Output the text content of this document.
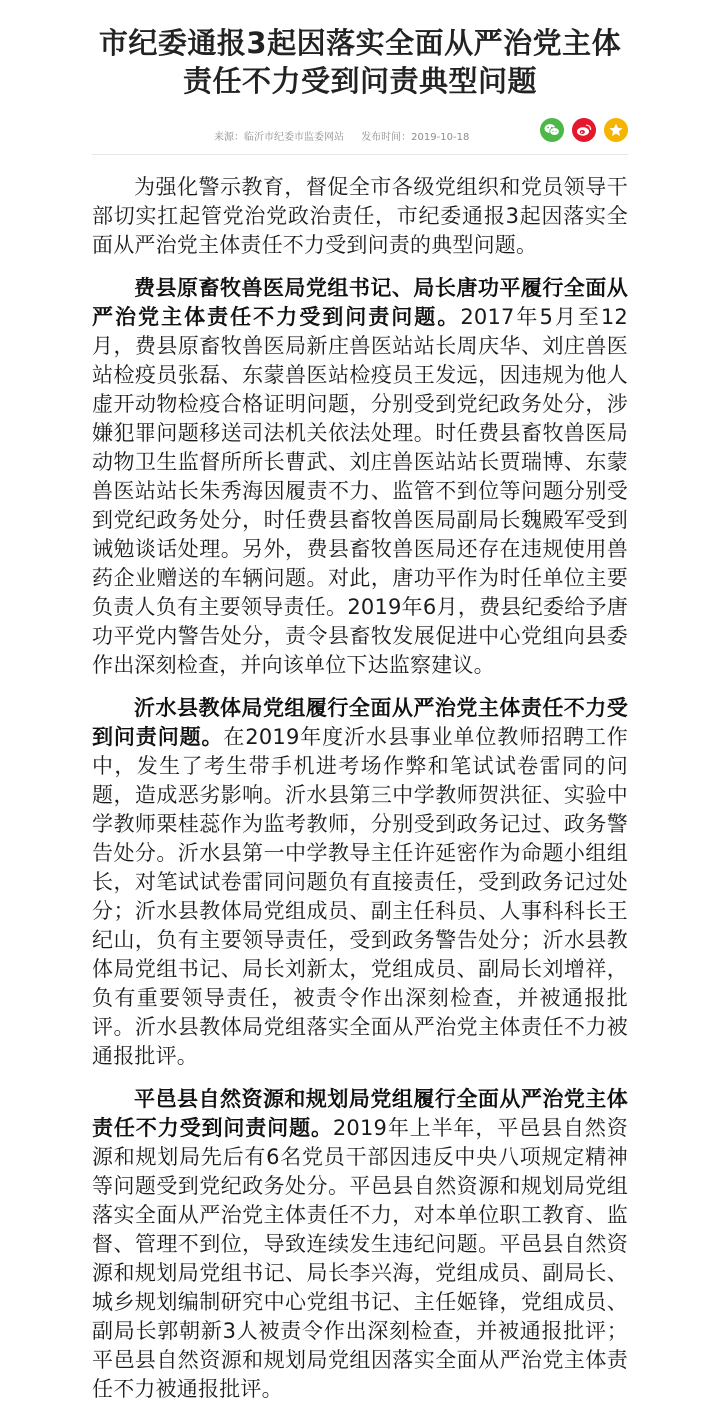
市纪委通报3起因落实全面从严治党主体责任不力受到问责典型问题
来源：临沂市纪委市监委网站 发布时间：2019-10-18

为强化警示教育，督促全市各级党组织和党员领导干部切实扛起管党治党政治责任，市纪委通报3起因落实全面从严治党主体责任不力受到问责的典型问题。

费县原畜牧兽医局党组书记、局长唐功平履行全面从严治党主体责任不力受到问责问题。2017年5月至12月，费县原畜牧兽医局新庄兽医站站长周庆华、刘庄兽医站检疫员张磊、东蒙兽医站检疫员王发远，因违规为他人虚开动物检疫合格证明问题，分别受到党纪政务处分，涉嫌犯罪问题移送司法机关依法处理。时任费县畜牧兽医局动物卫生监督所所长曹武、刘庄兽医站站长贾瑞博、东蒙兽医站站长朱秀海因履责不力、监管不到位等问题分别受到党纪政务处分，时任费县畜牧兽医局副局长魏殿军受到诫勉谈话处理。另外，费县畜牧兽医局还存在违规使用兽药企业赠送的车辆问题。对此，唐功平作为时任单位主要负责人负有主要领导责任。2019年6月，费县纪委给予唐功平党内警告处分，责令县畜牧发展促进中心党组向县委作出深刻检查，并向该单位下达监察建议。

沂水县教体局党组履行全面从严治党主体责任不力受到问责问题。在2019年度沂水县事业单位教师招聘工作中，发生了考生带手机进考场作弊和笔试试卷雷同的问题，造成恶劣影响。沂水县第三中学教师贺洪征、实验中学教师栗桂蕊作为监考教师，分别受到政务记过、政务警告处分。沂水县第一中学教导主任许延密作为命题小组组长，对笔试试卷雷同问题负有直接责任，受到政务记过处分；沂水县教体局党组成员、副主任科员、人事科科长王纪山，负有主要领导责任，受到政务警告处分；沂水县教体局党组书记、局长刘新太，党组成员、副局长刘增祥，负有重要领导责任，被责令作出深刻检查，并被通报批评。沂水县教体局党组落实全面从严治党主体责任不力被通报批评。

平邑县自然资源和规划局党组履行全面从严治党主体责任不力受到问责问题。2019年上半年，平邑县自然资源和规划局先后有6名党员干部因违反中央八项规定精神等问题受到党纪政务处分。平邑县自然资源和规划局党组落实全面从严治党主体责任不力，对本单位职工教育、监督、管理不到位，导致连续发生违纪问题。平邑县自然资源和规划局党组书记、局长李兴海，党组成员、副局长、城乡规划编制研究中心党组书记、主任姬锋，党组成员、副局长郭朝新3人被责令作出深刻检查，并被通报批评；平邑县自然资源和规划局党组因落实全面从严治党主体责任不力被通报批评。
